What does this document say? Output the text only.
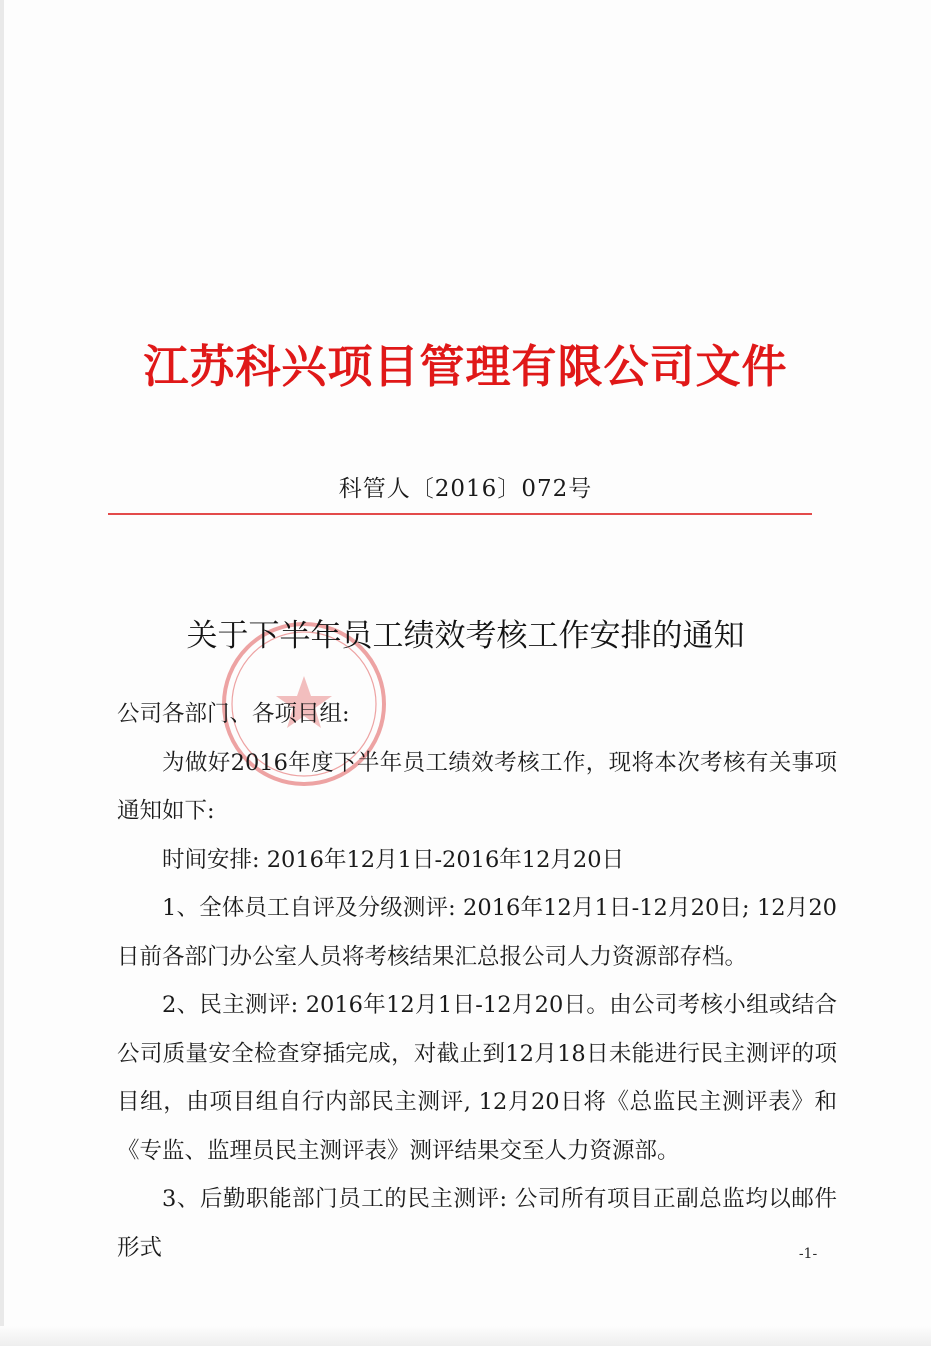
江苏科兴项目管理有限公司文件
科管人〔2016〕072号
关于下半年员工绩效考核工作安排的通知

公司各部门、各项目组:

为做好2016年度下半年员工绩效考核工作，现将本次考核有关事项通知如下:

时间安排: 2016年12月1日-2016年12月20日

1、全体员工自评及分级测评: 2016年12月1日-12月20日; 12月20日前各部门办公室人员将考核结果汇总报公司人力资源部存档。

2、民主测评: 2016年12月1日-12月20日。由公司考核小组或结合公司质量安全检查穿插完成，对截止到12月18日未能进行民主测评的项目组，由项目组自行内部民主测评, 12月20日将《总监民主测评表》和《专监、监理员民主测评表》测评结果交至人力资源部。

3、后勤职能部门员工的民主测评: 公司所有项目正副总监均以邮件形式	-1-
